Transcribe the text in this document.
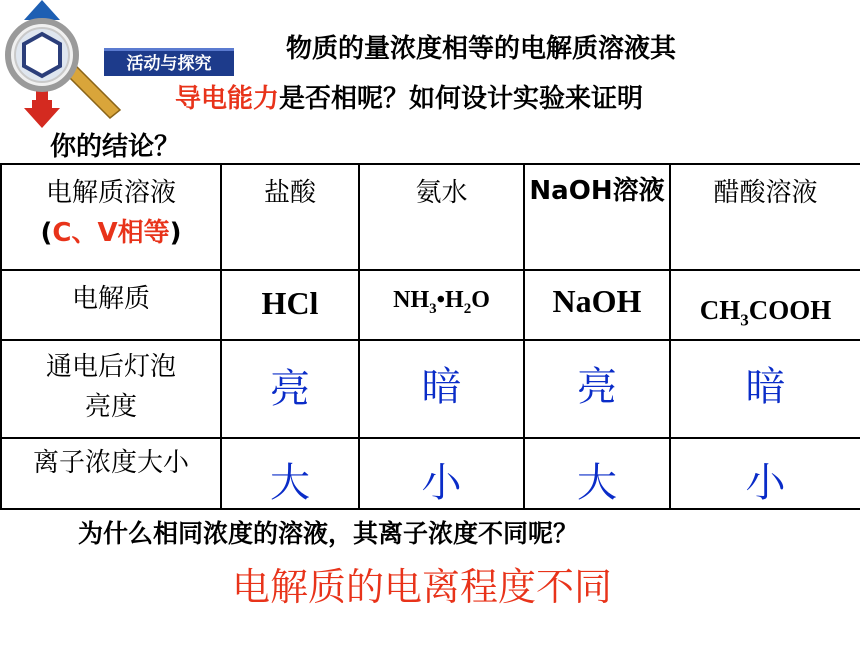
活动与探究	物质的量浓度相等的电解质溶液其
导电能力是否相呢？如何设计实验来证明
你的结论？
电解质溶液
(C、V相等)	盐酸	氨水	NaOH溶液	醋酸溶液

电解质	HCl	$NH_3•H_2O$	NaOH	$CH_3COOH$

通电后灯泡
亮度	亮	暗	亮	暗

离子浓度大小	大	小	大	小
为什么相同浓度的溶液，其离子浓度不同呢？
电解质的电离程度不同
